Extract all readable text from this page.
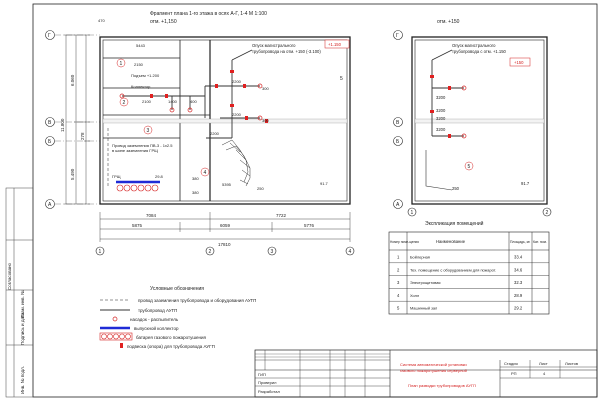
Согласовано
Взам. инв. №
Подпись и дата
Инв. № подл.
Фрагмент плана 1-го этажа в осях А-Г, 1-4 М 1:100
отм. +1,150
Г
В
Б
А
11.800
6.060
5.490
278
470
1
2
3
4
5
Подъем +1.200
Коллектор
Провод заземления ПВ-3 - 1х2.5
в шине заземления ГРЩ
ГРЩ	29.8
91.7
5443
2150
2100	1400	400
2200
2200
2200
300
300
250
380
380
5395
Опуск магистрального
трубопровода на отм. +150 (-3.100)
+1.150
7084	7722
5875	6059	5776
17810
1	2	3	4
отм. +150
Г
В
Б
А
Опуск магистрального
трубопровода с отм. +1.150
+150
3200
3200
3200
3200
250
91.7
5
1	2
Экспликация помещений
Номер поме-щения	Наименование	Площадь, м² Кат. пом.
1	Бойлерная	33.4
2	Тех. помещение с оборудованием для пожарот.	34.6
3	Электрощитовая	32.3
4	Холл	28.9
5	Машинный зал	29.2
Условные обозначения
провод заземления трубопровода и оборудования АУГП
трубопровод АУГП
насадок - распылитель
выпускной коллектор
батарея газового пожаротушения
подвеска (опора) для трубопровода АУГП
Система автоматической установки
газового пожаротушения серверной
План разводки трубопроводов АУГП
Стадия	Лист	Листов
РП	4
ГИП
Проверил
Разработал
